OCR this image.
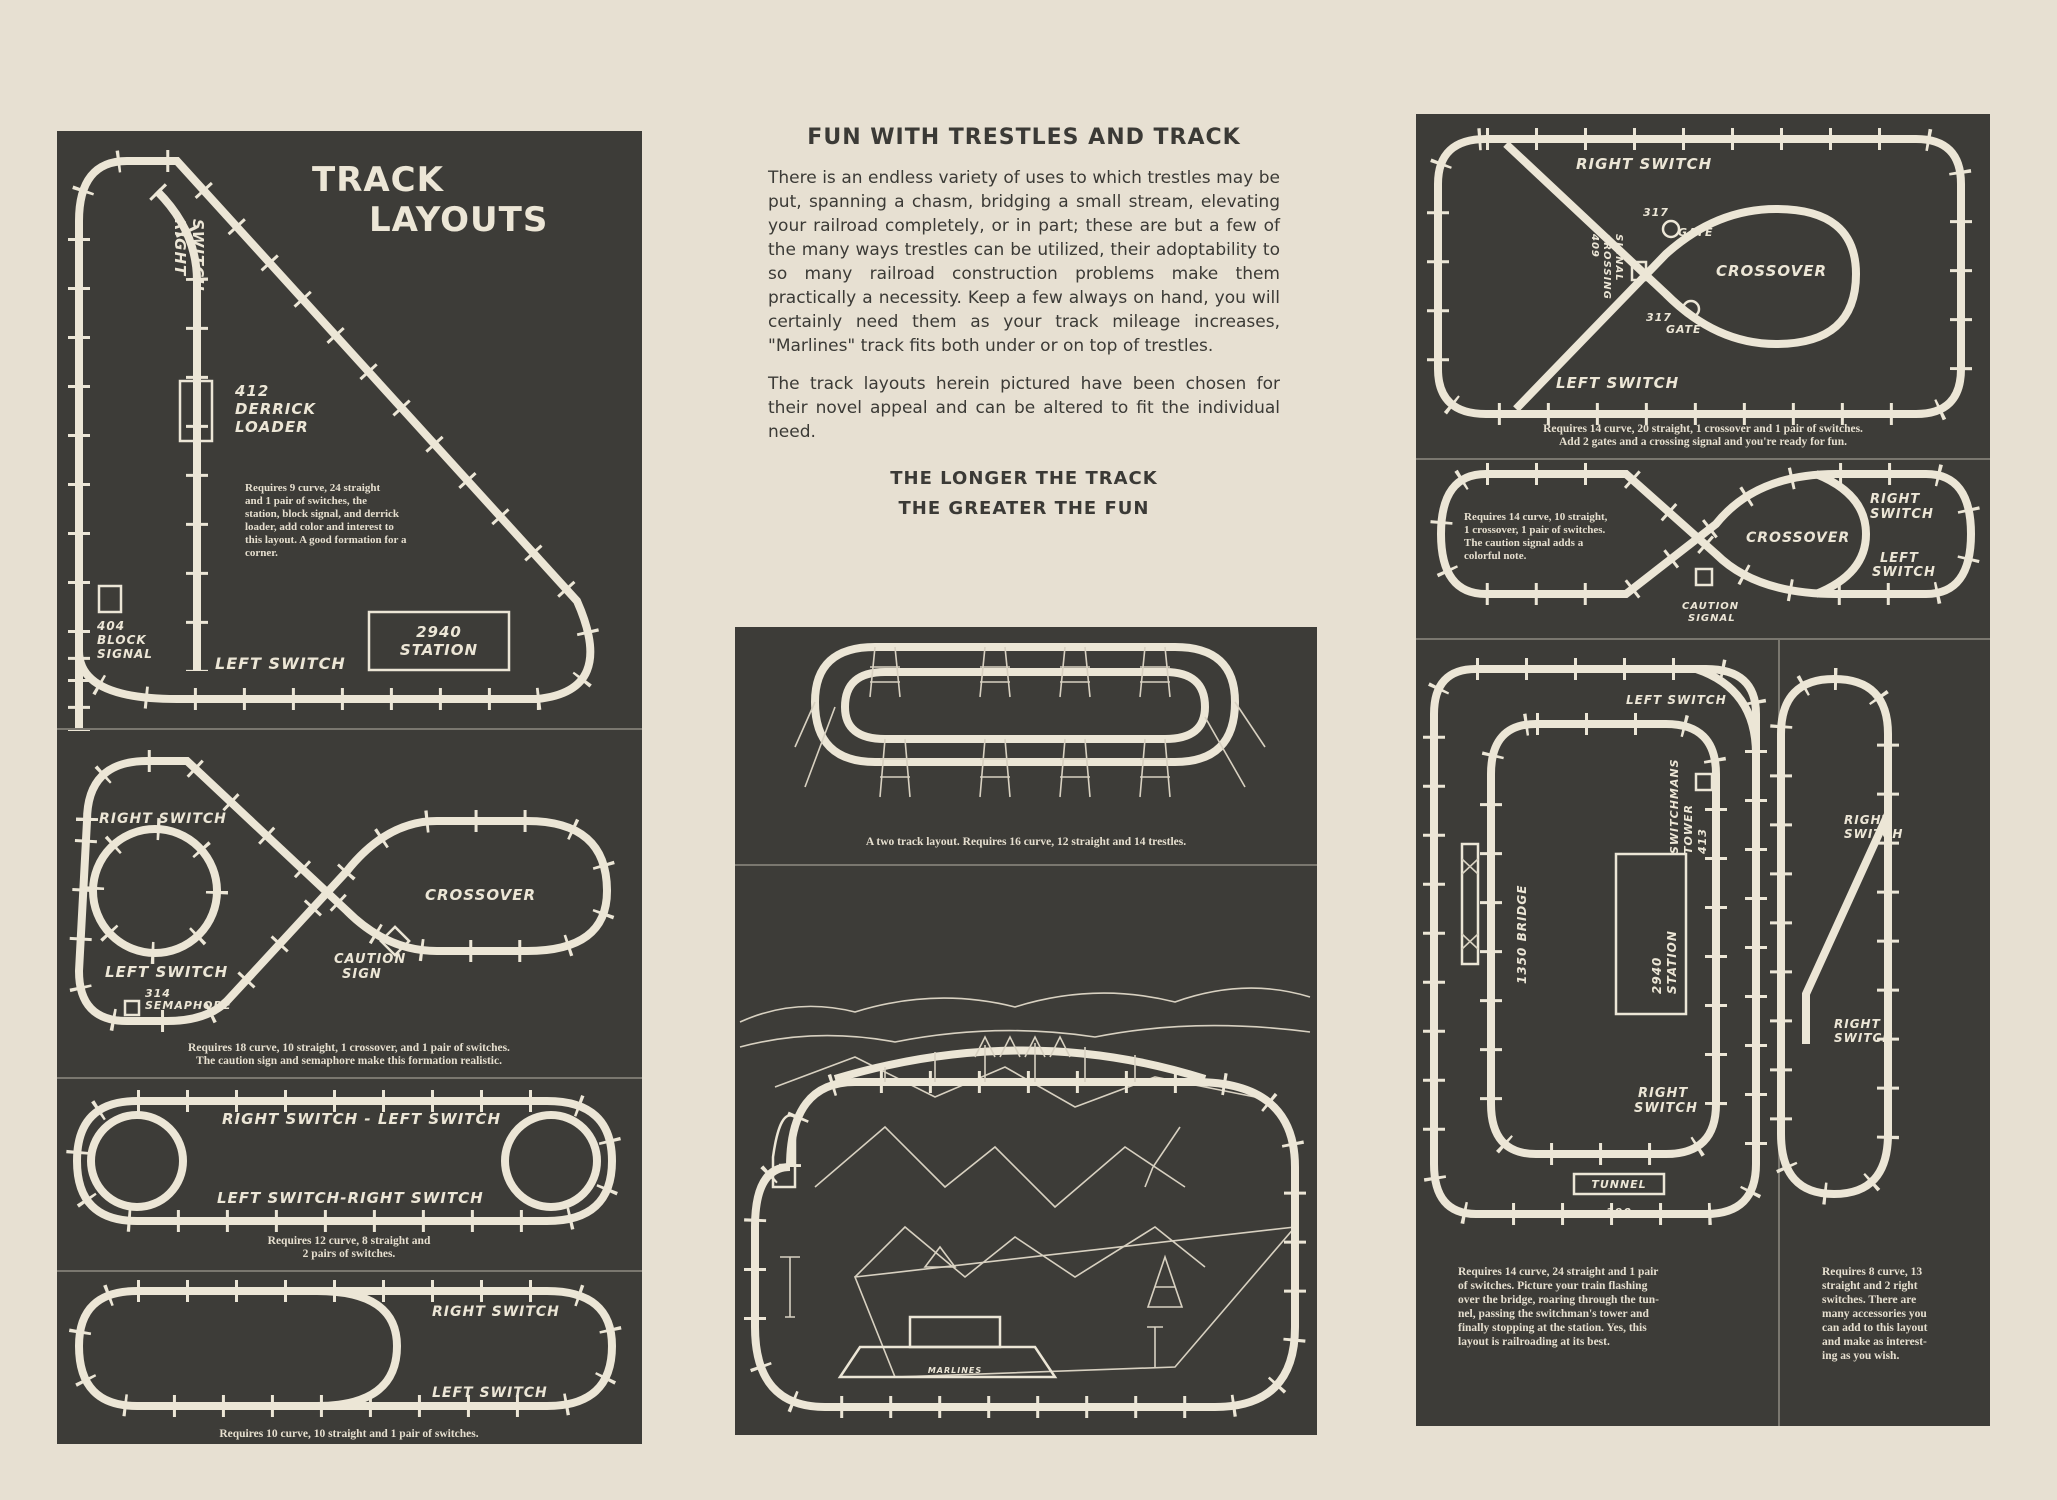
TRACK
LAYOUTS
RIGHT SWITCH
412
DERRICK
LOADER
404
BLOCK
SIGNAL	LEFT SWITCH
2940
STATION
Requires 9 curve, 24 straight
and 1 pair of switches, the
station, block signal, and derrick
loader, add color and interest to
this layout. A good formation for a
corner.
RIGHT SWITCH
CROSSOVER
LEFT SWITCH
CAUTION
SIGN
314
SEMAPHORE
Requires 18 curve, 10 straight, 1 crossover, and 1 pair of switches.
The caution sign and semaphore make this formation realistic.
RIGHT SWITCH - LEFT SWITCH
LEFT SWITCH-RIGHT SWITCH
Requires 12 curve, 8 straight and
2 pairs of switches.
RIGHT SWITCH
LEFT SWITCH
Requires 10 curve, 10 straight and 1 pair of switches.
FUN WITH TRESTLES AND TRACK

There is an endless variety of uses to which trestles may be put, spanning a chasm, bridging a small stream, elevating your railroad completely, or in part; these are but a few of the many ways trestles can be utilized, their adoptability to so many railroad construction problems make them practically a necessity. Keep a few always on hand, you will certainly need them as your track mileage increases, "Marlines" track fits both under or on top of trestles.

The track layouts herein pictured have been chosen for their novel appeal and can be altered to fit the individual need.

THE LONGER THE TRACK
THE GREATER THE FUN
A two track layout. Requires 16 curve, 12 straight and 14 trestles.
MARLINES
RIGHT SWITCH
317
GATE
317
GATE
409 CROSSING SIGNAL	CROSSOVER
LEFT SWITCH
Requires 14 curve, 20 straight, 1 crossover and 1 pair of switches.
Add 2 gates and a crossing signal and you're ready for fun.
CROSSOVER
RIGHT
SWITCH
LEFT
SWITCH
CAUTION
SIGNAL
Requires 14 curve, 10 straight,
1 crossover, 1 pair of switches.
The caution signal adds a
colorful note.
LEFT SWITCH
SWITCHMANS TOWER 413
1350 BRIDGE	2940 STATION
RIGHT
SWITCH
TUNNEL
390
Requires 14 curve, 24 straight and 1 pair
of switches. Picture your train flashing
over the bridge, roaring through the tun-
nel, passing the switchman's tower and
finally stopping at the station. Yes, this
layout is railroading at its best.
RIGHT
SWITCH
RIGHT
SWITCH
Requires 8 curve, 13
straight and 2 right
switches. There are
many accessories you
can add to this layout
and make as interest-
ing as you wish.
